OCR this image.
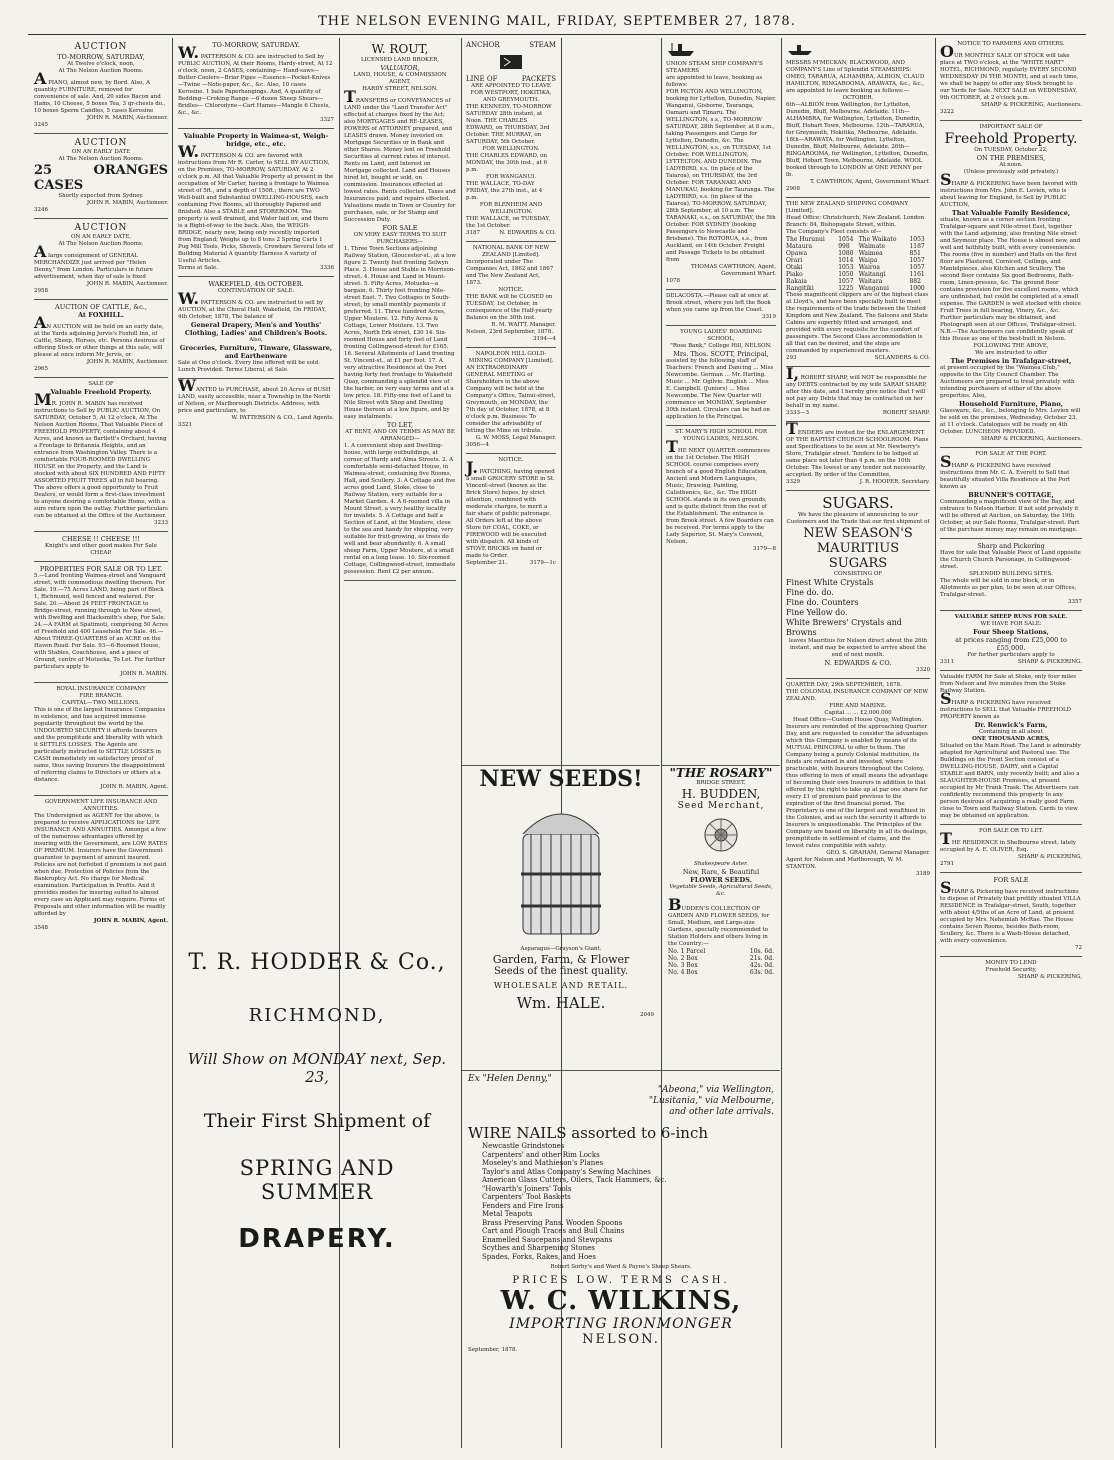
THE NELSON EVENING MAIL, FRIDAY, SEPTEMBER 27, 1878.
AUCTION
TO-MORROW, SATURDAY,
At Twelve o'clock, noon,
At The Nelson Auction Rooms.
A PIANO, almost new, by Bord. Also, A quantity FURNITURE, removed for convenience of sale. And, 20 sides Bacon and Hams, 10 Cheese, 5 boxes Tea, 3 qr-chests do., 10 boxes Sperm Candles, 5 cases Kerosine
JOHN R. MABIN, Auctioneer.
3245
AUCTION
ON AN EARLY DATE
At The Nelson Auction Rooms.
25 CASES
ORANGES
Shortly expected from Sydney.
JOHN R. MABIN, Auctioneer.
3246
AUCTION
ON AN EARLY DATE,
At The Nelson Auction Rooms.
A large consignment of GENERAL MERCHANDIZE just arrived per "Helen Denny," from London. Particulars in future advertisement, when day of sale is fixed
JOHN R. MABIN, Auctioneer.
2958
AUCTION OF CATTLE, &c.,
At FOXHILL.
AN AUCTION will be held on an early date, at the Yards adjoining Jervis's Foxhill Inn, of Cattle, Sheep, Horses, etc. Persons desirous of offering Stock or other things at this sale, will please at once inform Mr Jervis, or
JOHN R. MABIN, Auctioneer.
2965
SALE OF
Valuable Freehold Property.
MR. JOHN R. MABIN has received instructions to Sell by PUBLIC AUCTION, On SATURDAY, October 5, At 12 o'clock, At The Nelson Auction Rooms, That Valuable Piece of FREEHOLD PROPERTY, containing about 4 Acres, and known as Bartlett's Orchard, having a Frontage to Britannia Heights, and an entrance from Washington Valley. There is a comfortable FOUR-ROOMED DWELLING HOUSE on the Property, and the Land is stocked with about SIX HUNDRED AND FIFTY ASSORTED FRUIT TREES all in full bearing. The above offers a good opportunity to Fruit Dealers, or would form a first-class investment to anyone desiring a comfortable Home, with a sure return upon the outlay. Further particulars can be obtained at the Office of the Auctioneer.
3233
CHEESE !! CHEESE !!!
Knight's and other good makes For Sale CHEAP.
PROPERTIES FOR SALE OR TO LET.
5.—Land fronting Waimea-street and Vanguard street, with commodious dwelling thereon. For Sale. 19.—75 Acres LAND, being part of Block 1, Richmond, well fenced and watered. For Sale. 20.—About 24 FEET FRONTAGE to Bridge-street, running through to New street, with Dwelling and Blacksmith's shop, For Sale. 24.—A FARM at Spatimoti, comprising 50 Acres of Freehold and 400 Leasehold For Sale. 46.—About THREE-QUARTERS of an ACRE on the Haven Road. For Sale. 93—6-Roomed House, with Stables, Coachhouse, and a piece of Ground, centre of Motueka, To Let. For further particulars apply to
JOHN R. MABIN.
ROYAL INSURANCE COMPANY
FIRE BRANCH.
CAPITAL—TWO MILLIONS.
This is one of the largest Insurance Companies in existence, and has acquired immense popularity throughout the world by the UNDOUBTED SECURITY it affords Insurers and the promptitude and liberality with which it SETTLES LOSSES. The Agents are particularly instructed to SETTLE LOSSES in CASH immediately on satisfactory proof of same, thus saving Insurers the disappointment of referring claims to Directors or others at a distance.
JOHN R. MABIN, Agent.
GOVERNMENT LIFE INSURANCE AND ANNUITIES.
The Undersigned as AGENT for the above, is prepared to receive APPLICATIONS for LIFE INSURANCE AND ANNUITIES. Amongst a few of the numerous advantages offered by insuring with the Government, are LOW RATES OF PREMIUM. Insurers have the Government guarantee to payment of amount insured. Policies are not forfeited if premium is not paid when due. Protection of Policies from the Bankruptcy Act. No charge for Medical examination. Participation in Profits. And it provides modes for insuring suited to almost every case an Applicant may require. Forms of Proposals and other information will be readily afforded by
JOHN R. MABIN, Agent.
3548
TO-MORROW, SATURDAY.
W. PATTERSON & CO. are instructed to Sell by PUBLIC AUCTION, At their Rooms, Hardy-street, At 12 o'clock, noon, 2 CASES, containing— Hand-saws—Butter-Coolers—Briar Pipes —Essence—Pocket-Knives—Twine —Note-paper, &c., &c. Also, 10 cases Kerosine. 1 bale Paperhangings. And, A quantity of Bedding—Croking Range —6 dozen Sheep Shears—Bridles— Chlorodyne—Cart Hames—Mangle 6 Chests, &c., &c.
3327
Valuable Property in Waimea-st, Weigh-bridge, etc., etc.
W. PATTERSON & CO. are favored with instructions from Mr R. Carter, to SELL BY AUCTION, on the Premises, TO-MORROW, SATURDAY. At 2 o'clock p.m. All that Valuable Property at present in the occupation of Mr Carter, having a frontage to Waimea street of 5ft., and a depth of 150ft.; there are TWO Well-built and Substantial DWELLING-HOUSES, each containing Five Rooms, all thoroughly Papered and finished. Also a STABLE and STOREROOM. The property is well drained, and Water laid on, and there is a Right-of-way to the back. Also, the WEIGH-BRIDGE, nearly new, being only recently imported from England; Weighs up to 8 tons 2 Spring Carts 1 Pug Mill Tools, Picks, Shovels, Crowbars Several lots of Building Material A quantity Harness A variety of Useful Articles.
Terms at Sale.	3336
WAKEFIELD, 4th OCTOBER.
CONTINUATION OF SALE.
W. PATTERSON & CO. are instructed to sell by AUCTION, at the Choral Hall, Wakefield, On FRIDAY, 4th October, 1878, The balance of
General Drapery, Men's and Youths' Clothing, Ladies' and Children's Boots.
Also,
Groceries, Furniture, Tinware, Glassware, and Earthenware
Sale at One o'clock. Every line offered will be sold. Lunch Provided. Terms Liberal, at Sale.
WANTED to PURCHASE, about 20 Acres of BUSH LAND, easily accessible, near a Township in the North of Nelson, or Marlborough Districts. Address, with price and particulars, to
W. PATTERSON & CO., Land Agents.
3321
W. ROUT,
LICENSED LAND BROKER,
VALUATOR,
LAND, HOUSE, & COMMISSION AGENT,
HARDY STREET, NELSON.
TRANSFERS or CONVEYANCES of LAND under the "Land Transfer Act" effected at charges fixed by the Act; also MORTGAGES and RE-LEASES, POWERS of ATTORNEY prepared, and LEASES drawn. Money invested on Mortgage Securities or in Bank and other Shares. Money lent on Freehold Securities at current rates of interest. Rents on Land, and Interest on Mortgage collected. Land and Houses hired let, bought or sold, on commission. Insurances effected at lowest rates. Rents collected. Taxes and Insurances paid; and repairs effected. Valuations made in Town or Country for purchases, sale, or for Stamp and Succession Duty.
FOR SALE
ON VERY EASY TERMS TO SUIT PURCHASERS—
1. Three Town Sections adjoining Railway Station, Gloucester-st., at a low figure 2. Twenty feet fronting Selwyn Place. 3. House and Stable in Morrison-street. 4. House and Land in Mount-street. 5. Fifty Acres, Motueka—a bargain. 6. Thirty feet fronting Nile-street East. 7. Two Cottages in South-street, by small monthly payments if preferred. 11. Three hundred Acres, Upper Moutere. 12. Fifty Acres & Cottage, Lower Moutere. 13. Two Acres, North Erk street, £30 14. Six-roomed House and forty feet of Land fronting Collingwood-street for £165. 16. Several Allotments of Land fronting St. Vincent-st., at £1 per foot. 17. A very attractive Residence at the Port having forty feet frontage to Wakefield Quay, commanding a splendid view of the harbor, on very easy terms and at a low price. 18. Fifty-one feet of Land to Nile Street with Shop and Dwelling House thereon at a low figure, and by easy instalments.
TO LET,
AT RENT, AND ON TERMS AS MAY BE ARRANGED—
1. A convenient shop and Dwelling-house, with large outbuildings, at corner of Hardy and Alma Streets. 2. A comfortable semi-detached House, in Waimea-street, containing five Rooms, Hall, and Scullery. 3. A Cottage and five acres good Land, Stoke, close to Railway Station, very suitable for a Market Garden. 4. A 6-roomed villa in Mount Street, a very healthy locality for invalids. 5. A Cottage and half a Section of Land, at the Moutere, close to the sea and handy for shipping, very suitable for fruit-growing, as trees do well and bear abundantly. 6. A small sheep Farm, Upper Moutere, at a small rental on a long lease. 10. Six-roomed Cottage, Collingwood-street, immediate possession. Rent £2 per annum.
T. R. HODDER & Co.,
RICHMOND,
Will Show on MONDAY next, Sep. 23,
Their First Shipment of
SPRING AND SUMMER
DRAPERY.
ANCHOR	STEAM
LINE OF	PACKETS
ARE APPOINTED TO LEAVE
FOR WESTPORT, HOKITIKA, AND GREYMOUTH.
THE KENNEDY, TO-MORROW SATURDAY 28th instant, at Noon. THE CHARLES EDWARD, on THURSDAY, 3rd October. THE MURRAY, on SATURDAY, 5th October.
FOR WELLINGTON.
THE CHARLES EDWARD, on MONDAY, the 30th inst., at 6 p.m.
FOR WANGANUI.
THE WALLACE, TO-DAY FRIDAY, the 27th inst., at 4 p.m.
FOR BLENHEIM AND WELLINGTON.
THE WALLACE, on TUESDAY, the 1st October.
3187	N. EDWARDS & CO.
NATIONAL BANK OF NEW ZEALAND [Limited].
Incorporated under The Companies Act, 1862 and 1867 and The New Zealand Act, 1873.
NOTICE.
THE BANK will be CLOSED on TUESDAY, 1st October, in consequence of the Half-yearly Balance on the 30th inst.
R. M. WAITT, Manager.
Nelson, 23rd September, 1878.
3194—4
NAPOLEON HILL GOLD-MINING COMPANY [Limited].
AN EXTRAORDINARY GENERAL MEETING of Shareholders in the above Company will be held at the Company's Office, Tainui-street, Greymouth, on MONDAY, the 7th day of October, 1878, at 8 o'clock p.m. Business: To consider the advisability of letting the Mine on tribute.
G. W. MOSS, Legal Manager.
3056—4
NOTICE.
J. PATCHING, having opened a small GROCERY STORE in St. Vincent-street (known as the Brick Store) hopes, by strict attention, combined with moderate charges, to merit a fair share of public patronage. All Orders left at the above Store for COAL, COKE, or FIREWOOD will be executed with dispatch. All kinds of STOVE BRICKS on hand or made to Order.
September 21.	3179—1c
NEW SEEDS!
Asparagus—Grayson's Giant.
Garden, Farm, & Flower
Seeds of the finest quality.
WHOLESALE AND RETAIL.
Wm. HALE.
2049
UNION STEAM SHIP COMPANY'S STEAMERS
are appointed to leave, booking as follows:
FOR PICTON AND WELLINGTON, booking for Lyttelton, Dunedin, Napier, Wanganui, Gisborne, Tauranga, Oamaru and Timaru. The WELLINGTON, s.s., TO-MORROW SATURDAY, 28th September, at 8 a.m., taking Passengers and Cargo for Lyttelton, Dunedin, &c. The WELLINGTON, s.s., on TUESDAY, 1st October. FOR WELLINGTON, LYTTELTON, AND DUNEDIN. The LADYBIRD, s.s. (in place of the Taiaroa), on THURSDAY, the 3rd October. FOR TARANAKI AND MANUKAU, booking for Tauranga. The LADYBIRD, s.s. (in place of the Taiaroa), TO-MORROW, SATURDAY, 28th September, at 10 a.m. The TARANAKI, s.s., on SATURDAY, the 5th October. FOR SYDNEY (booking Passengers to Newcastle and Brisbane). The ROTORUA, s.s., from Auckland, on 14th October. Freight and Passage Tickets to be obtained from
THOMAS CAWTHRON, Agent, Government Wharf.
1078
DELACOSTA.—Please call at once at Brook street, where you left the Book when you came up from the Coast.
3319
YOUNG LADIES' BOARDING SCHOOL,
"Rose Bank," College Hill, NELSON.
Mrs. Thos. SCOTT, Principal,
assisted by the following staff of Teachers: French and Dancing ... Miss Newcombe. German ... Mr. Harling. Music ... Mr. Ogilvie. English ... Miss E. Campbell. (Juniors) ... Miss Newcombe. The New Quarter will commence on MONDAY, September 30th instant. Circulars can be had on application to the Principal.
ST. MARY'S HIGH SCHOOL FOR YOUNG LADIES, NELSON.
THE NEXT QUARTER commences on the 1st October. The HIGH SCHOOL course comprises every branch of a good English Education, Ancient and Modern Languages, Music, Drawing, Painting, Calisthenics, &c., &c. The HIGH SCHOOL stands in its own grounds, and is quite distinct from the rest of the Establishment. The entrance is from Brook street. A few Boarders can be received. For terms apply to the Lady Superior, St. Mary's Convent, Nelson.
3179—8
"THE ROSARY"
BRIDGE STREET.
H. BUDDEN,
Seed Merchant,
Shakespeare Aster.
New, Rare, & Beautiful
FLOWER SEEDS.
Vegetable Seeds, Agricultural Seeds, &c.
BUDDEN'S COLLECTION OF GARDEN AND FLOWER SEEDS, for Small, Medium, and Large-size Gardens, specially recommended to Station Holders and others living in the Country:—
No. 1 Parcel	10s. 6d.
No. 2 Box	21s. 0d.
No. 3 Box	42s. 0d.
No. 4 Box	63s. 0d.
MESSRS M'MECKAN, BLACKWOOD, AND COMPANY'S Line of Splendid STEAMSHIPS:
OMEO, TARARUA, ALHAMBRA, ALBION, CLAUD HAMILTON, RINGAROOMA, ARAWATA, &c., &c., are appointed to leave booking as follows:—
OCTOBER.
6th—ALBION from Wellington, for Lyttelton, Dunedin, Bluff, Melbourne, Adelaide. 11th—ALHAMBRA, for Wellington, Lyttelton, Dunedin, Bluff, Hobart Town, Melbourne. 12th—TARARUA, for Greymouth, Hokitika, Melbourne, Adelaide. 18th—ARAWATA, for Wellington, Lyttelton, Dunedin, Bluff, Melbourne, Adelaide. 26th—RINGAROOMA, for Wellington, Lyttelton, Dunedin, Bluff, Hobart Town, Melbourne, Adelaide. WOOL booked through to LONDON at ONE PENNY per lb.
T. CAWTHRON, Agent, Government Wharf.
2908
THE NEW ZEALAND SHIPPING COMPANY [Limited].
Head Office: Christchurch, New Zealand. London Branch: 84, Bishopsgate Street, within.
The Company's Fleet consists of—
The Hurunui	1054	The Waikato	1053
Mataura	998	Waimate	1187
Opawa	1080	Waimea	851
Orari	1014	Waipa	1057
Otaki	1053	Wairoa	1057
Piako	1050	Waitangi	1161
Rakaia	1057	Waitara	882
Rangitiki	1225	Wanganui	1000
These magnificent clippers are of the highest class at Lloyd's, and have been specially built to meet the requirements of the trade between the United Kingdom and New Zealand. The Saloons and State Cabins are superbly fitted and arranged, and provided with every requisite for the comfort of passengers. The Second Class accommodation is all that can be desired, and the ships are commanded by experienced masters.
293	SCLANDERS & CO.
I, ROBERT SHARP, will NOT be responsible for any DEBTS contracted by my wife SARAH SHARP, after this date, and I hereby give notice that I will not pay any Debts that may be contracted on her behalf in my name.
3333—3	ROBERT SHARP.
TENDERS are invited for the ENLARGEMENT OF THE BAPTIST CHURCH SCHOOLROOM. Plans and Specifications to be seen at Mr. Newberry's Store, Trafalgar street. Tenders to be lodged at same place not later than 4 p.m. on the 10th October. The lowest or any tender not necessarily accepted. By order of the Committee,
3329	J. R. HOOPER, Secretary.
SUGARS.
We have the pleasure of announcing to our Customers and the Trade that our first shipment of
NEW SEASON'S MAURITIUS SUGARS
CONSISTING OF
Finest White Crystals
Fine do. do.
Fine do. Counters
Fine Yellow do.
White Brewers' Crystals and Browns
leaves Mauritius for Nelson direct about the 26th instant, and may be expected to arrive about the end of next month.
N. EDWARDS & CO.
3320
QUARTER DAY, 29th SEPTEMBER, 1878.
THE COLONIAL INSURANCE COMPANY OF NEW ZEALAND.
FIRE AND MARINE.
Capital ... ... £2,000,000
Head Office—Custom House Quay, Wellington.
Insurers are reminded of the approaching Quarter Day, and are requested to consider the advantages which this Company is enabled by means of its MUTUAL PRINCIPAL to offer to them. The Company being a purely Colonial institution, its funds are retained in and invested, where practicable, with Insurers throughout the Colony, thus offering to men of small means the advantage of becoming their own Insurers in addition to that offered by the right to take up at par one share for every £1 of premium paid previous to the expiration of the first financial period. The Proprietary is one of the largest and wealthiest in the Colonies, and as such the security it affords to Insurers is unquestionable. The Principles of the Company are based on liberality in all its dealings, promptitude in settlement of claims, and the lowest rates compatible with safety.
GEO. S. GRAHAM, General Manager.
Agent for Nelson and Marlborough, W. M. STANTON.
3189
NOTICE TO FARMERS AND OTHERS.
OUR MONTHLY SALE OF STOCK will take place at TWO o'clock, at the "WHITE HART" HOTEL, RICHMOND, regularly EVERY SECOND WEDNESDAY IN THE MONTH, and at such time, we shall be happy to offer any Stock brought to our Yards for Sale. NEXT SALE on WEDNESDAY, 9th OCTOBER, at 2 o'clock p.m.
SHARP & PICKERING, Auctioneers.
3222
IMPORTANT SALE OF
Freehold Property.
On TUESDAY, October 22,
ON THE PREMISES,
At noon.
(Unless previously sold privately.)
SHARP & PICKERING have been favored with instructions from Mrs. John E. Levien, who is about leaving for England, to Sell by PUBLIC AUCTION,
That Valuable Family Residence,
situate, known as a corner section fronting Trafalgar-square and Nile-street East, together with the Land adjoining, also fronting Nile street and Seymour place. The House is almost new, and well and faithfully built, with every convenience. The rooms (five in number) and Halls on the first floor are Plastered, Corniced, Ceilings, and Mantelpieces, also Kitchen and Scullery. The second floor contains Six good Bedrooms, Bath-room, Linen-presses, &c. The ground floor contains provision for five excellent rooms, which are unfinished, but could be completed at a small expense. The GARDEN is well stocked with choice Fruit Trees in full bearing, Vinery, &c., &c. Further particulars may be obtained, and Photograph seen at our Offices, Trafalgar-street. N.B.—The Auctioneers can confidently speak of this House as one of the best-built in Nelson.
FOLLOWING THE ABOVE,
We are instructed to offer
The Premises in Trafalgar-street,
at present occupied by the "Waimea Club," opposite to the City Council Chamber. The Auctioneers are prepared to treat privately with intending purchasers of either of the above properties. Also,
Household Furniture, Piano,
Glassware, &c., &c., belonging to Mrs. Levien will be sold on the premises, Wednesday, October 23, at 11 o'clock. Catalogues will be ready on 4th October. LUNCHEON PROVIDED.
SHARP & PICKERING, Auctioneers.
FOR SALE AT THE PORT.
SHARP & PICKERING have received instructions from Mr. C. A. Everett to Sell that beautifully situated Villa Residence at the Port known as
BRUNNER'S COTTAGE,
Commanding a magnificent view of the Bay, and entrance to Nelson Harbor. If not sold privately it will be offered at Auction, on Saturday, the 19th October, at our Sale Rooms, Trafalgar-street. Part of the purchase money may remain on mortgage.
Sharp and Pickering
Have for sale that Valuable Piece of Land opposite the Church Church Parsonage, in Collingwood-street.
SPLENDID BUILDING SITES.
The whole will be sold in one block, or in Allotments as per plan, to be seen at our Offices, Trafalgar-street.
3357
VALUABLE SHEEP RUNS FOR SALE.
WE HAVE FOR SALE:
Four Sheep Stations,
at prices ranging from £25,000 to £55,000.
For further particulars apply to
3311	SHARP & PICKERING.
Valuable FARM for Sale at Stoke, only four miles from Nelson and five minutes from the Stoke Railway Station.
SHARP & PICKERING have received instructions to SELL that Valuable FREEHOLD PROPERTY known as
Dr. Renwick's Farm,
Containing in all about
ONE THOUSAND ACRES,
Situated on the Main Road. The Land is admirably adapted for Agricultural and Pastoral use. The Buildings on the Front Section consist of a DWELLING-HOUSE, DAIRY, and a Capital STABLE and BARN, only recently built; and also a SLAUGHTER-HOUSE Premises, at present occupied by Mr Frank Trask. The Advertisers can confidently recommend this property to any person desirous of acquiring a really good Farm close to Town and Railway Station. Cards to view may be obtained on application.
FOR SALE OR TO LET.
THE RESIDENCE in Shelbourne street, lately occupied by A. E. OLIVER, Esq.
SHARP & PICKERING,
2791
FOR SALE
SHARP & Pickering have received instructions to dispose of Privately that prettily situated VILLA RESIDENCE in Trafalgar-street, South, together with about 4/5ths of an Acre of Land, at present occupied by Mrs. Nehemiah McRae. The House contains Seven Rooms, besides Bath-room, Scullery, &c. There is a Wash-House detached, with every convenience.
72
MONEY TO LEND
Freehold Security,
SHARP & PICKERING,
Ex "Helen Denny,"
"Abeona," via Wellington,
"Lusitania," via Melbourne,
and other late arrivals.
WIRE NAILS assorted to 6-inch
Newcastle Grindstones
Carpenters' and other Rim Locks
Moseley's and Mathieson's Planes
Taylor's and Atlas Company's Sewing Machines
American Glass Cutters, Oilers, Tack Hammers, &c.
"Howarth's Joiners' Tools
Carpenters' Tool Baskets
Fenders and Fire Irons
Metal Teapots
Brass Preserving Pans. Wooden Spoons
Cart and Plough Traces and Bull Chains
Enamelled Saucepans and Stewpans
Scythes and Sharpening Stones
Spades, Forks, Rakes, and Hoes
Robert Sorby's and Ward & Payne's Sheep Shears.
PRICES LOW. TERMS CASH.
W. C. WILKINS,
IMPORTING IRONMONGER
NELSON.
September, 1878.
